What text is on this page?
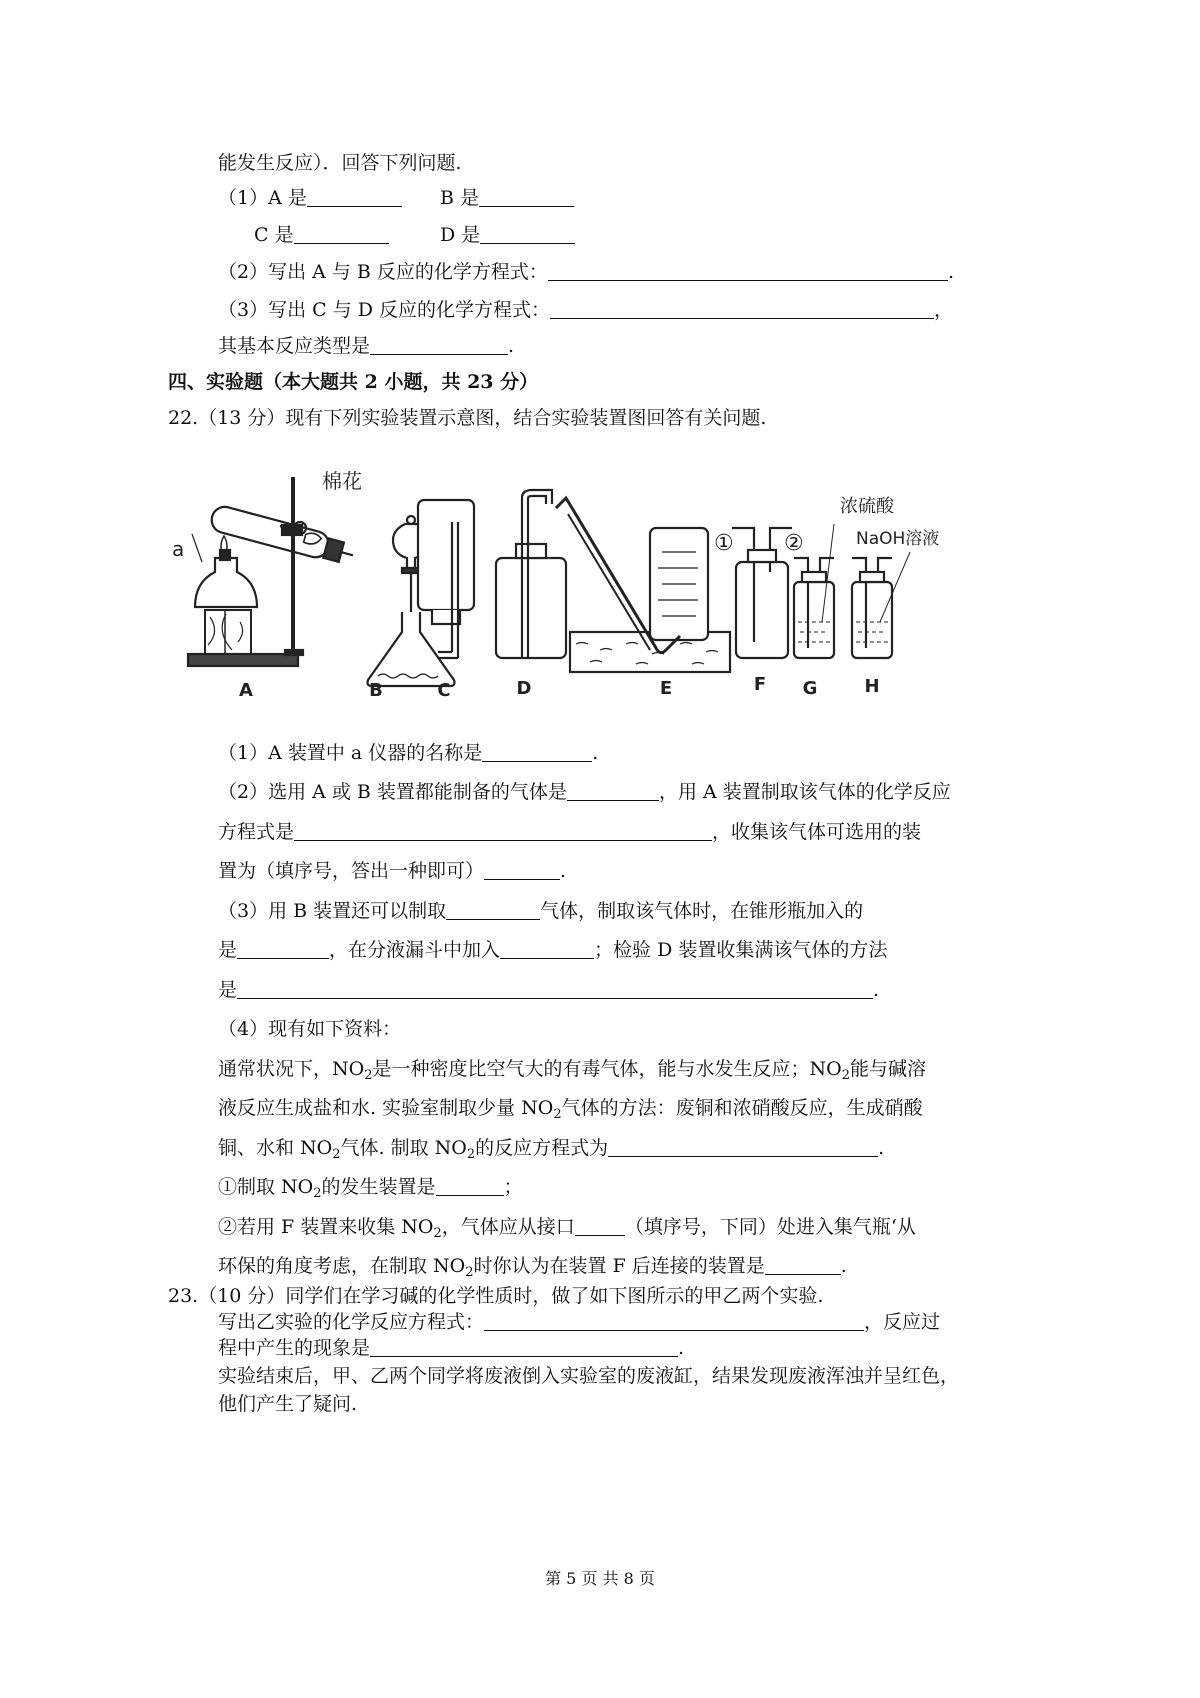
能发生反应）．回答下列问题.
（1）A 是	B 是
C 是	D 是
（2）写出 A 与 B 反应的化学方程式：	.
（3）写出 C 与 D 反应的化学方程式：	，
其基本反应类型是	.
四、实验题（本大题共 2 小题，共 23 分）
22.（13 分）现有下列实验装置示意图，结合实验装置图回答有关问题.
棉花
a
浓硫酸
NaOH溶液
① ②
A	B	C	D	E	F G	H
（1）A 装置中 a 仪器的名称是	.
（2）选用 A 或 B 装置都能制备的气体是	，用 A 装置制取该气体的化学反应
方程式是	，收集该气体可选用的装
置为（填序号，答出一种即可）	.
（3）用 B 装置还可以制取	气体，制取该气体时，在锥形瓶加入的
是	，在分液漏斗中加入	；检验 D 装置收集满该气体的方法
是	.
（4）现有如下资料：
通常状况下，$NO_2$是一种密度比空气大的有毒气体，能与水发生反应；$NO_2$能与碱溶
液反应生成盐和水. 实验室制取少量 $NO_2$气体的方法：废铜和浓硝酸反应，生成硝酸
铜、水和 $NO_2$气体. 制取 $NO_2$的反应方程式为	.
①制取 $NO_2$的发生装置是	；
②若用 F 装置来收集 $NO_2$，气体应从接口	（填序号，下同）处进入集气瓶‘从
环保的角度考虑，在制取 $NO_2$时你认为在装置 F 后连接的装置是	.
23.（10 分）同学们在学习碱的化学性质时，做了如下图所示的甲乙两个实验.
写出乙实验的化学反应方程式：	，反应过
程中产生的现象是	.
实验结束后，甲、乙两个同学将废液倒入实验室的废液缸，结果发现废液浑浊并呈红色，
他们产生了疑问.
第 5 页 共 8 页
